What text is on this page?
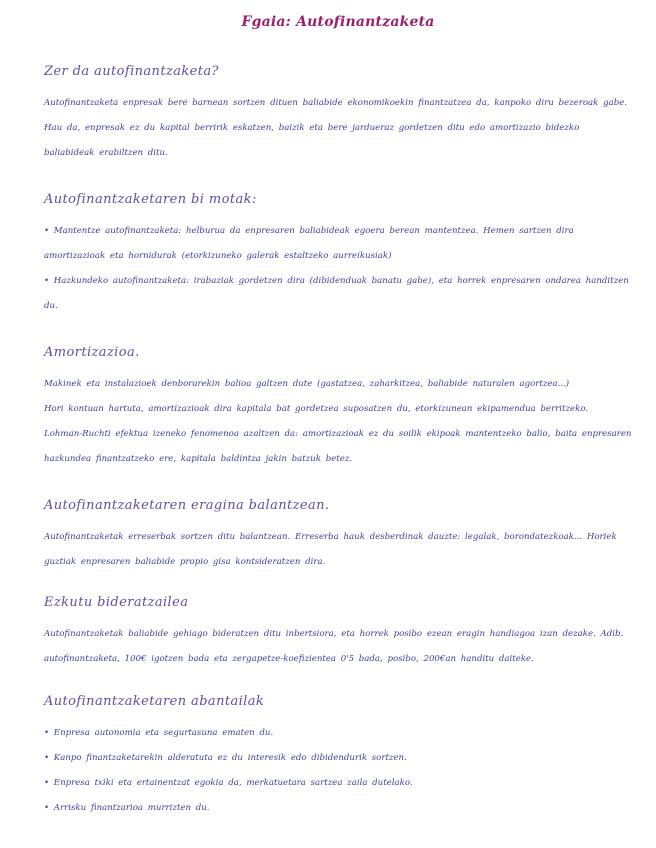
Fgaia: Autofinantzaketa
Zer da autofinantzaketa?

Autofinantzaketa enpresak bere barnean sortzen dituen baliabide ekonomikoekin finantzatzea da, kanpoko diru bezeroak gabe. Hau da, enpresak ez du kapital berririk eskatzen, baizik eta bere jardueraz gordetzen ditu edo amortizazio bidezko baliabideak erabiltzen ditu.

Autofinantzaketaren bi motak:

• Mantentze autofinantzaketa: helburua da enpresaren baliabideak egoera berean mantentzea. Hemen sartzen dira amortizazioak eta hornidurak (etorkizuneko galerak estaltzeko aurreikusiak)

• Hazkundeko autofinantzaketa: irabaziak gordetzen dira (dibidenduak banatu gabe), eta horrek enpresaren ondarea handitzen du.

Amortizazioa.

Makinek eta instalazioek denborarekin balioa galtzen dute (gastatzea, zaharkitzea, baliabide naturalen agortzea...)

Hori kontuan hartuta, amortizazioak dira kapitala bat gordetzea suposatzen du, etorkizunean ekipamendua berritzeko.

Lohman-Ruchti efektua izeneko fenomenoa azaltzen da: amortizazioak ez du soilik ekipoak mantentzeko balio, baita enpresaren hazkundea finantzatzeko ere, kapitala baldintza jakin batzuk betez.

Autofinantzaketaren eragina balantzean.

Autofinantzaketak erreserbak sortzen ditu balantzean. Erreserba hauk desberdinak dauzte: legalak, borondatezkoak... Horiek guztiak enpresaren baliabide propio gisa kontsideratzen dira.

Ezkutu bideratzailea

Autofinantzaketak baliabide gehiago bideratzen ditu inbertsiora, eta horrek posibo ezean eragin handiagoa izan dezake. Adib. autofinantzaketa, 100€ igotzen bada eta zergapetze-koefizientea 0'5 bada, posibo, 200€an handitu daiteke.

Autofinantzaketaren abantailak

• Enpresa autonomia eta segurtasuna ematen du.

• Kanpo finantzaketarekin alderatuta ez du interesik edo dibidendurik sortzen.

• Enpresa txiki eta ertainentzat egokia da, merkatuetara sartzea zaila dutelako.

• Arrisku finantzarioa murrizten du.
